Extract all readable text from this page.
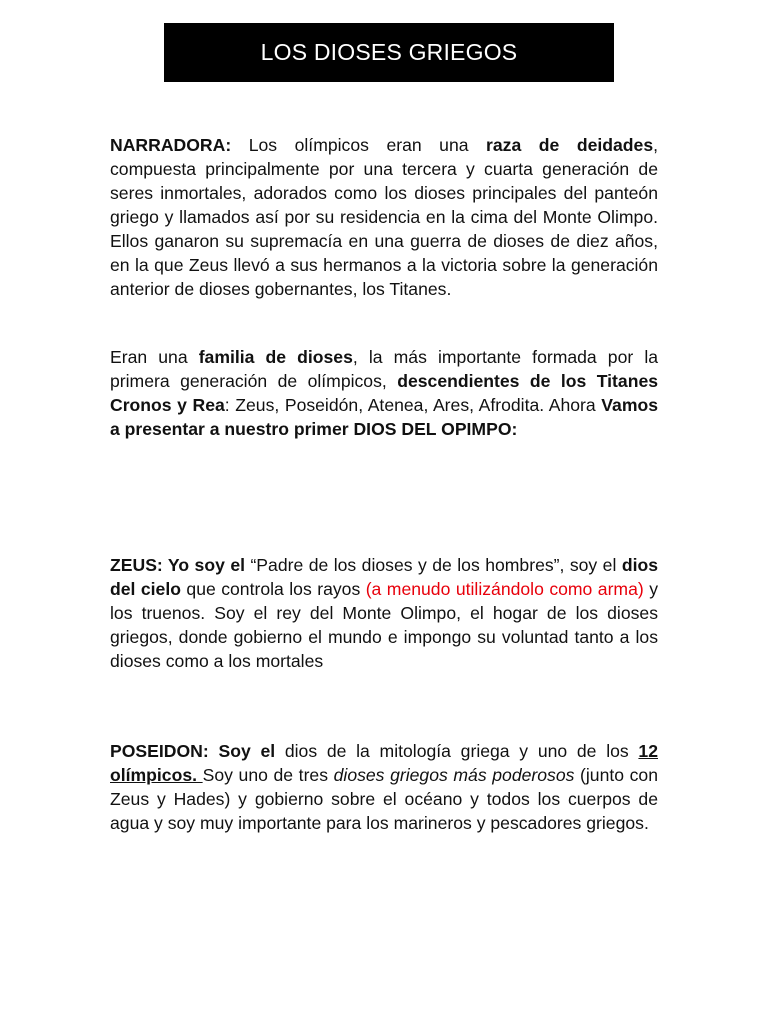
LOS DIOSES GRIEGOS

NARRADORA: Los olímpicos eran una raza de deidades, compuesta principalmente por una tercera y cuarta generación de seres inmortales, adorados como los dioses principales del panteón griego y llamados así por su residencia en la cima del Monte Olimpo. Ellos ganaron su supremacía en una guerra de dioses de diez años, en la que Zeus llevó a sus hermanos a la victoria sobre la generación anterior de dioses gobernantes, los Titanes.

Eran una familia de dioses, la más importante formada por la primera generación de olímpicos, descendientes de los Titanes Cronos y Rea: Zeus, Poseidón, Atenea, Ares, Afrodita. Ahora Vamos a presentar a nuestro primer DIOS DEL OPIMPO:

ZEUS: Yo soy el “Padre de los dioses y de los hombres”, soy el dios del cielo que controla los rayos (a menudo utilizándolo como arma) y los truenos. Soy el rey del Monte Olimpo, el hogar de los dioses griegos, donde gobierno el mundo e impongo su voluntad tanto a los dioses como a los mortales

POSEIDON: Soy el dios de la mitología griega y uno de los 12 olímpicos. Soy uno de tres dioses griegos más poderosos (junto con Zeus y Hades) y gobierno sobre el océano y todos los cuerpos de agua y soy muy importante para los marineros y pescadores griegos.
